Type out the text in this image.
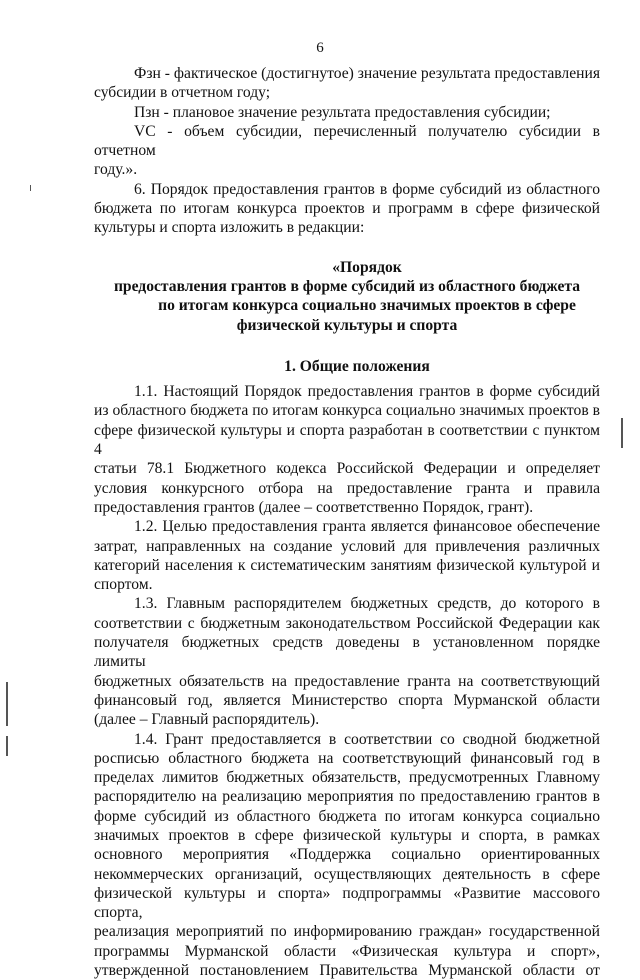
6

Фзн - фактическое (достигнутое) значение результата предоставления

субсидии в отчетном году;

Пзн - плановое значение результата предоставления субсидии;

VC - объем субсидии, перечисленный получателю субсидии в отчетном

году.».

6. Порядок предоставления грантов в форме субсидий из областного

бюджета по итогам конкурса проектов и программ в сфере физической

культуры и спорта изложить в редакции:

«Порядок

предоставления грантов в форме субсидий из областного бюджета

по итогам конкурса социально значимых проектов в сфере

физической культуры и спорта

1. Общие положения

1.1. Настоящий Порядок предоставления грантов в форме субсидий

из областного бюджета по итогам конкурса социально значимых проектов в

сфере физической культуры и спорта разработан в соответствии с пунктом 4

статьи 78.1 Бюджетного кодекса Российской Федерации и определяет

условия конкурсного отбора на предоставление гранта и правила

предоставления грантов (далее – соответственно Порядок, грант).

1.2. Целью предоставления гранта является финансовое обеспечение

затрат, направленных на создание условий для привлечения различных

категорий населения к систематическим занятиям физической культурой и

спортом.

1.3. Главным распорядителем бюджетных средств, до которого в

соответствии с бюджетным законодательством Российской Федерации как

получателя бюджетных средств доведены в установленном порядке лимиты

бюджетных обязательств на предоставление гранта на соответствующий

финансовый год, является Министерство спорта Мурманской области

(далее – Главный распорядитель).

1.4. Грант предоставляется в соответствии со сводной бюджетной

росписью областного бюджета на соответствующий финансовый год в

пределах лимитов бюджетных обязательств, предусмотренных Главному

распорядителю на реализацию мероприятия по предоставлению грантов в

форме субсидий из областного бюджета по итогам конкурса социально

значимых проектов в сфере физической культуры и спорта, в рамках

основного мероприятия «Поддержка социально ориентированных

некоммерческих организаций, осуществляющих деятельность в сфере

физической культуры и спорта» подпрограммы «Развитие массового спорта,

реализация мероприятий по информированию граждан» государственной

программы Мурманской области «Физическая культура и спорт»,

утвержденной постановлением Правительства Мурманской области от
